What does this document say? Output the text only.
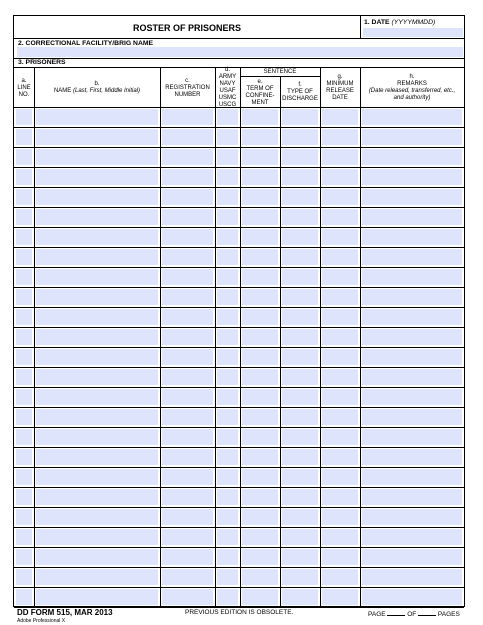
ROSTER OF PRISONERS
1. DATE (YYYYMMDD)
2. CORRECTIONAL FACILITY/BRIG NAME
3. PRISONERS
a.
LINE
NO.
b.
NAME (Last, First, Middle Initial)
c.
REGISTRATION
NUMBER
d.
ARMY
NAVY
USAF
USMC
USCG
e.
TERM OF
CONFINE-
MENT
f.
TYPE OF
DISCHARGE
g.
MINIMUM
RELEASE
DATE
h.
REMARKS
(Date released, transferred, etc.,
and authority)
SENTENCE
DD FORM 515, MAR 2013
Adobe Professional X
PREVIOUS EDITION IS OBSOLETE.	PAGE	OF	PAGES
